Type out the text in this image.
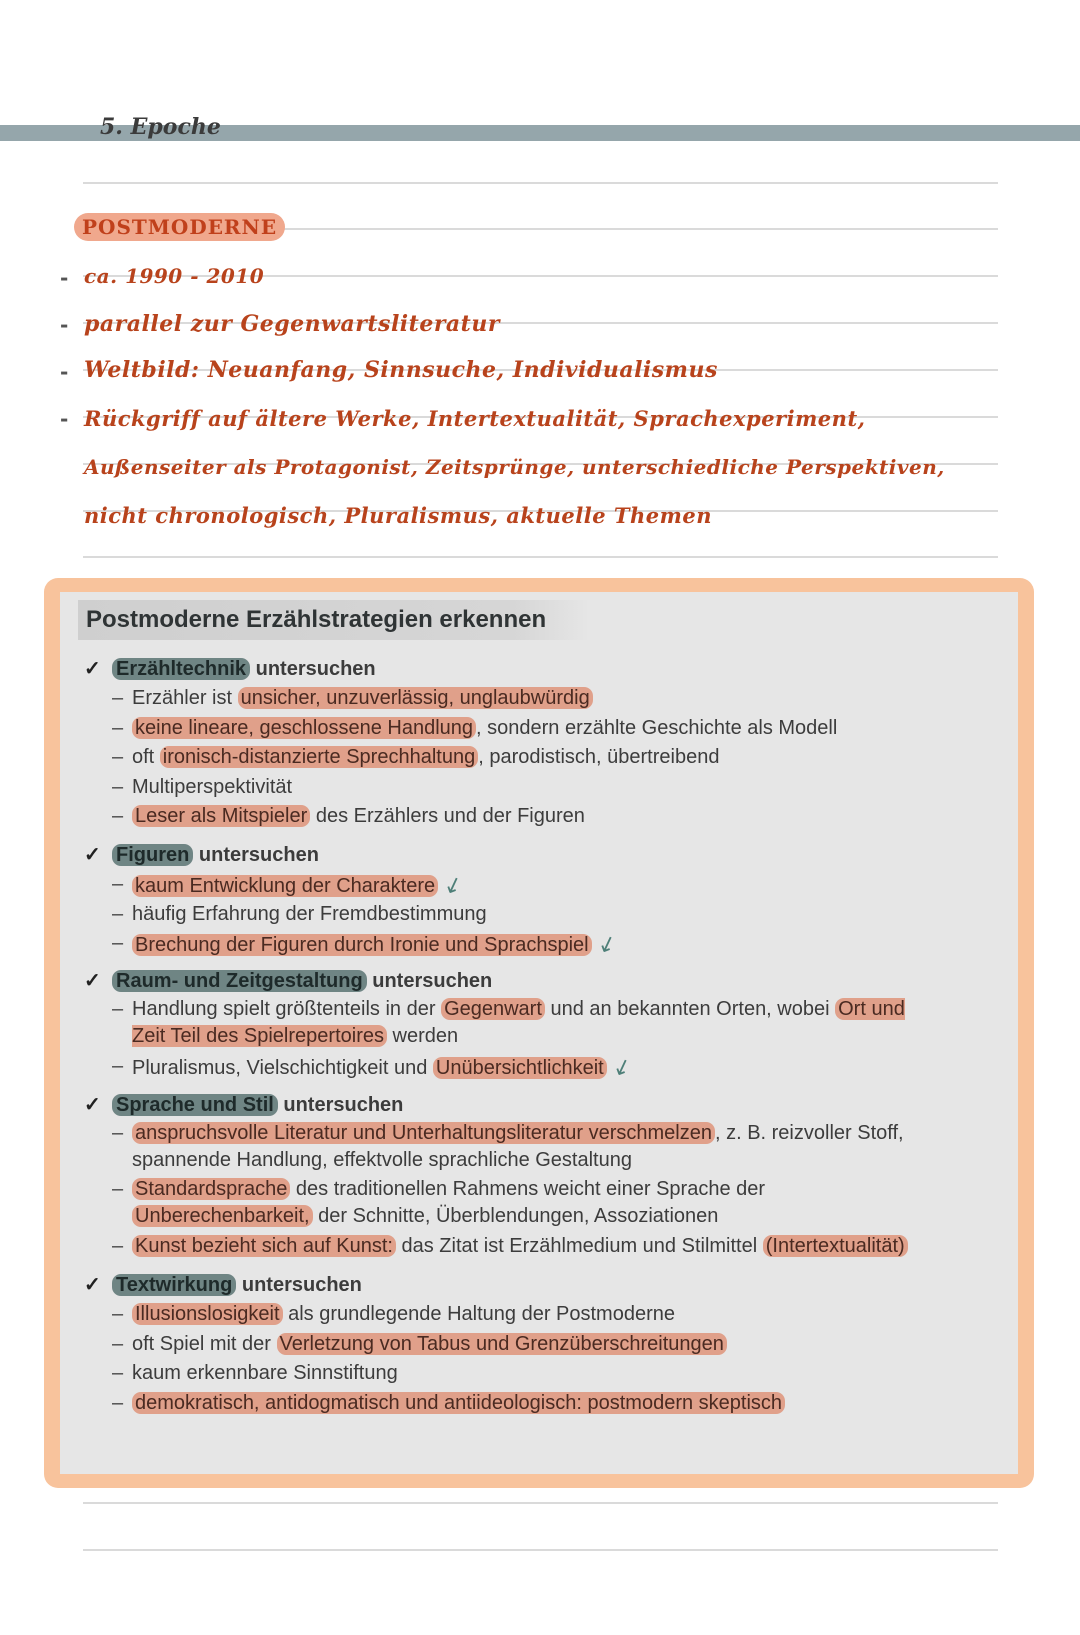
5. Epoche
POSTMODERNE
- ca. 1990 - 2010
- parallel zur Gegenwartsliteratur
- Weltbild: Neuanfang, Sinnsuche, Individualismus
- Rückgriff auf ältere Werke, Intertextualität, Sprachexperiment,
Außenseiter als Protagonist, Zeitsprünge, unterschiedliche Perspektiven,
nicht chronologisch, Pluralismus, aktuelle Themen
Postmoderne Erzählstrategien erkennen
✓ Erzähltechnik untersuchen
– Erzähler ist unsicher, unzuverlässig, unglaubwürdig
– keine lineare, geschlossene Handlung , sondern erzählte Geschichte als Modell
– oft ironisch-distanzierte Sprechhaltung , parodistisch, übertreibend
– Multiperspektivität
– Leser als Mitspieler des Erzählers und der Figuren
✓ Figuren untersuchen
– kaum Entwicklung der Charaktere ↙
– häufig Erfahrung der Fremdbestimmung
– Brechung der Figuren durch Ironie und Sprachspiel ↙
✓ Raum- und Zeitgestaltung untersuchen
– Handlung spielt größtenteils in der Gegenwart und an bekannten Orten, wobei Ort und Zeit Teil des Spielrepertoires werden
– Pluralismus, Vielschichtigkeit und Unübersichtlichkeit ↙
✓ Sprache und Stil untersuchen
– anspruchsvolle Literatur und Unterhaltungsliteratur verschmelzen , z. B. reizvoller Stoff, spannende Handlung, effektvolle sprachliche Gestaltung
– Standardsprache des traditionellen Rahmens weicht einer Sprache der Unberechenbarkeit, der Schnitte, Überblendungen, Assoziationen
– Kunst bezieht sich auf Kunst: das Zitat ist Erzählmedium und Stilmittel (Intertextualität)
✓ Textwirkung untersuchen
– Illusionslosigkeit als grundlegende Haltung der Postmoderne
– oft Spiel mit der Verletzung von Tabus und Grenzüberschreitungen
– kaum erkennbare Sinnstiftung
– demokratisch, antidogmatisch und antiideologisch: postmodern skeptisch
